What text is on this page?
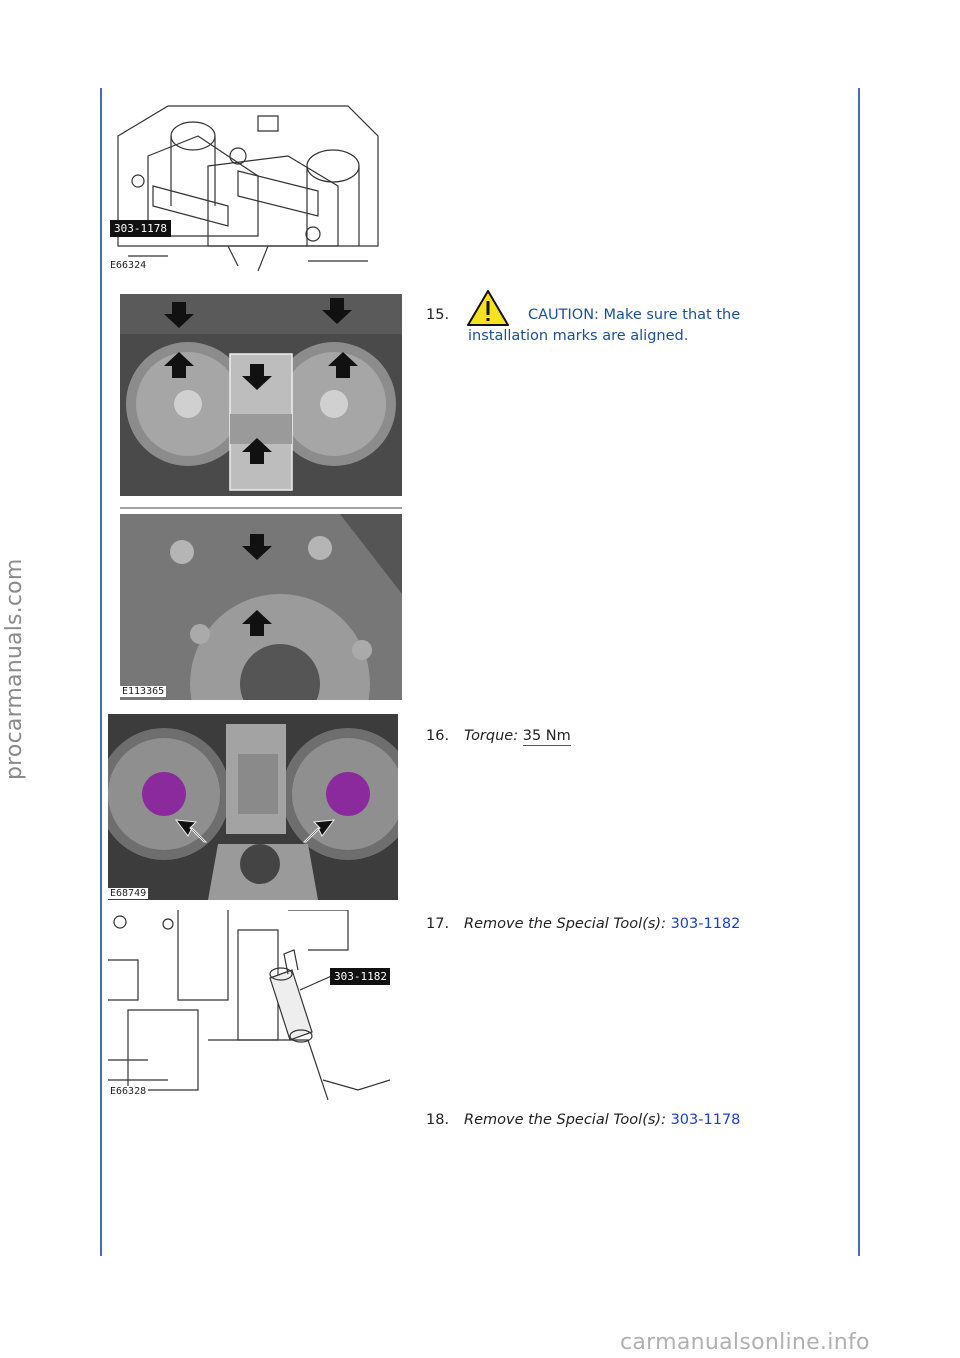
procarmanuals.com
carmanualsonline.info
303-1178
E66324
E113365
E68749
303-1182
E66328
15.	CAUTION: Make sure that the
installation marks are aligned.
16. Torque: 35 Nm
17. Remove the Special Tool(s): 303-1182
18. Remove the Special Tool(s): 303-1178
